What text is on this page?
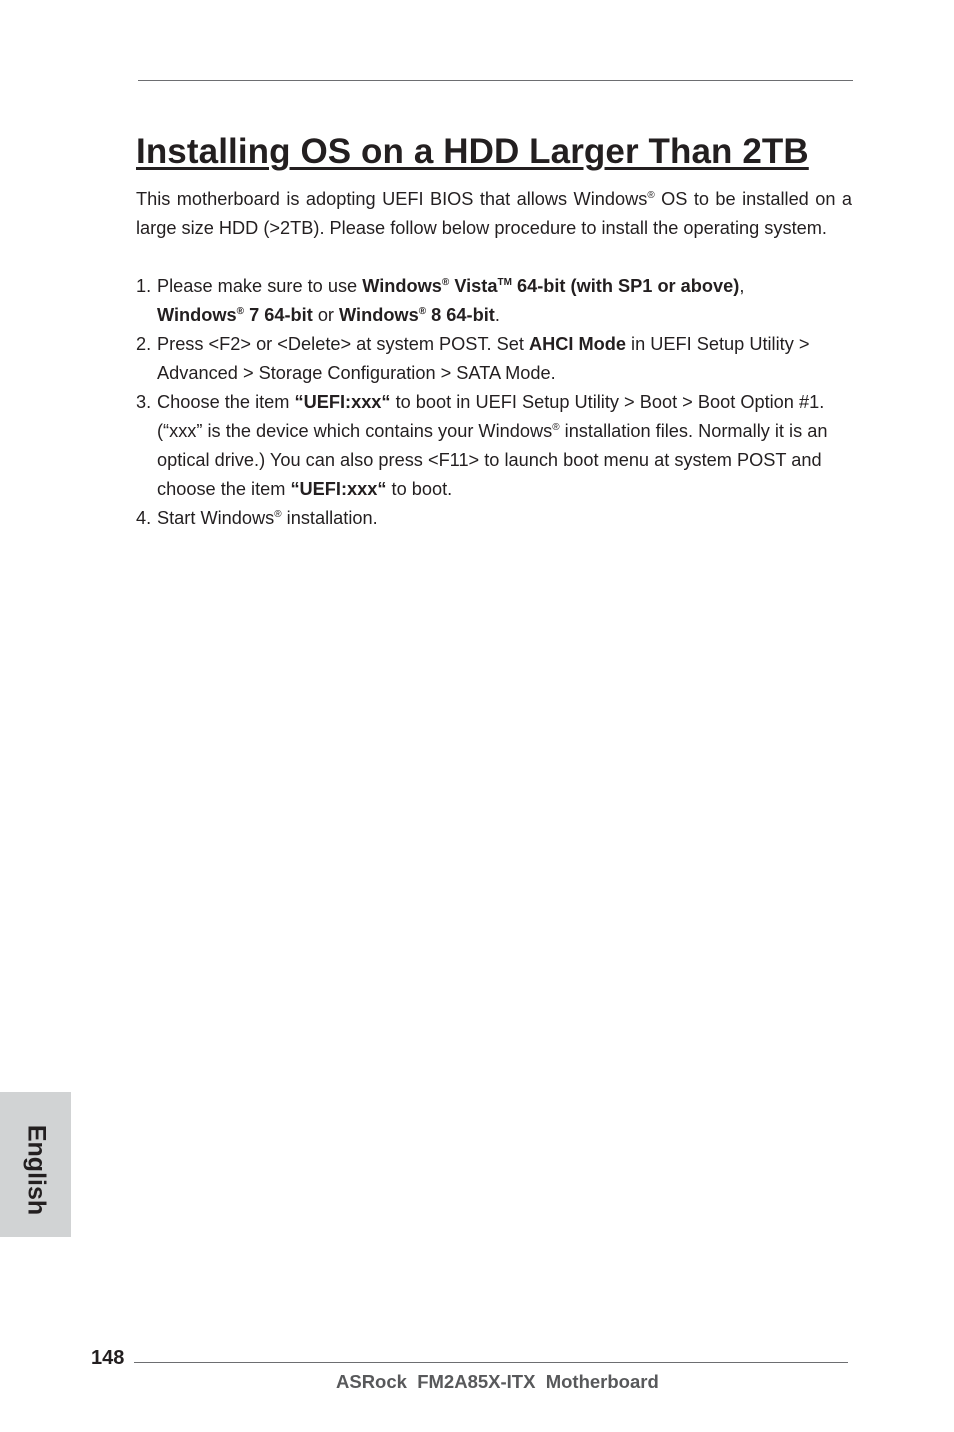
Installing OS on a HDD Larger Than 2TB

This motherboard is adopting UEFI BIOS that allows Windows® OS to be installed on a large size HDD (>2TB). Please follow below procedure to install the operating system.

1. Please make sure to use Windows® Vista™ 64-bit (with SP1 or above),
Windows® 7 64-bit or Windows® 8 64-bit.
2. Press <F2> or <Delete> at system POST. Set AHCI Mode in UEFI Setup Utility > Advanced > Storage Configuration > SATA Mode.
3. Choose the item “UEFI:xxx“ to boot in UEFI Setup Utility > Boot > Boot Option #1. (“xxx” is the device which contains your Windows® installation files. Normally it is an optical drive.) You can also press <F11> to launch boot menu at system POST and choose the item “UEFI:xxx“ to boot.
4. Start Windows® installation.
English
148
ASRock  FM2A85X-ITX  Motherboard
